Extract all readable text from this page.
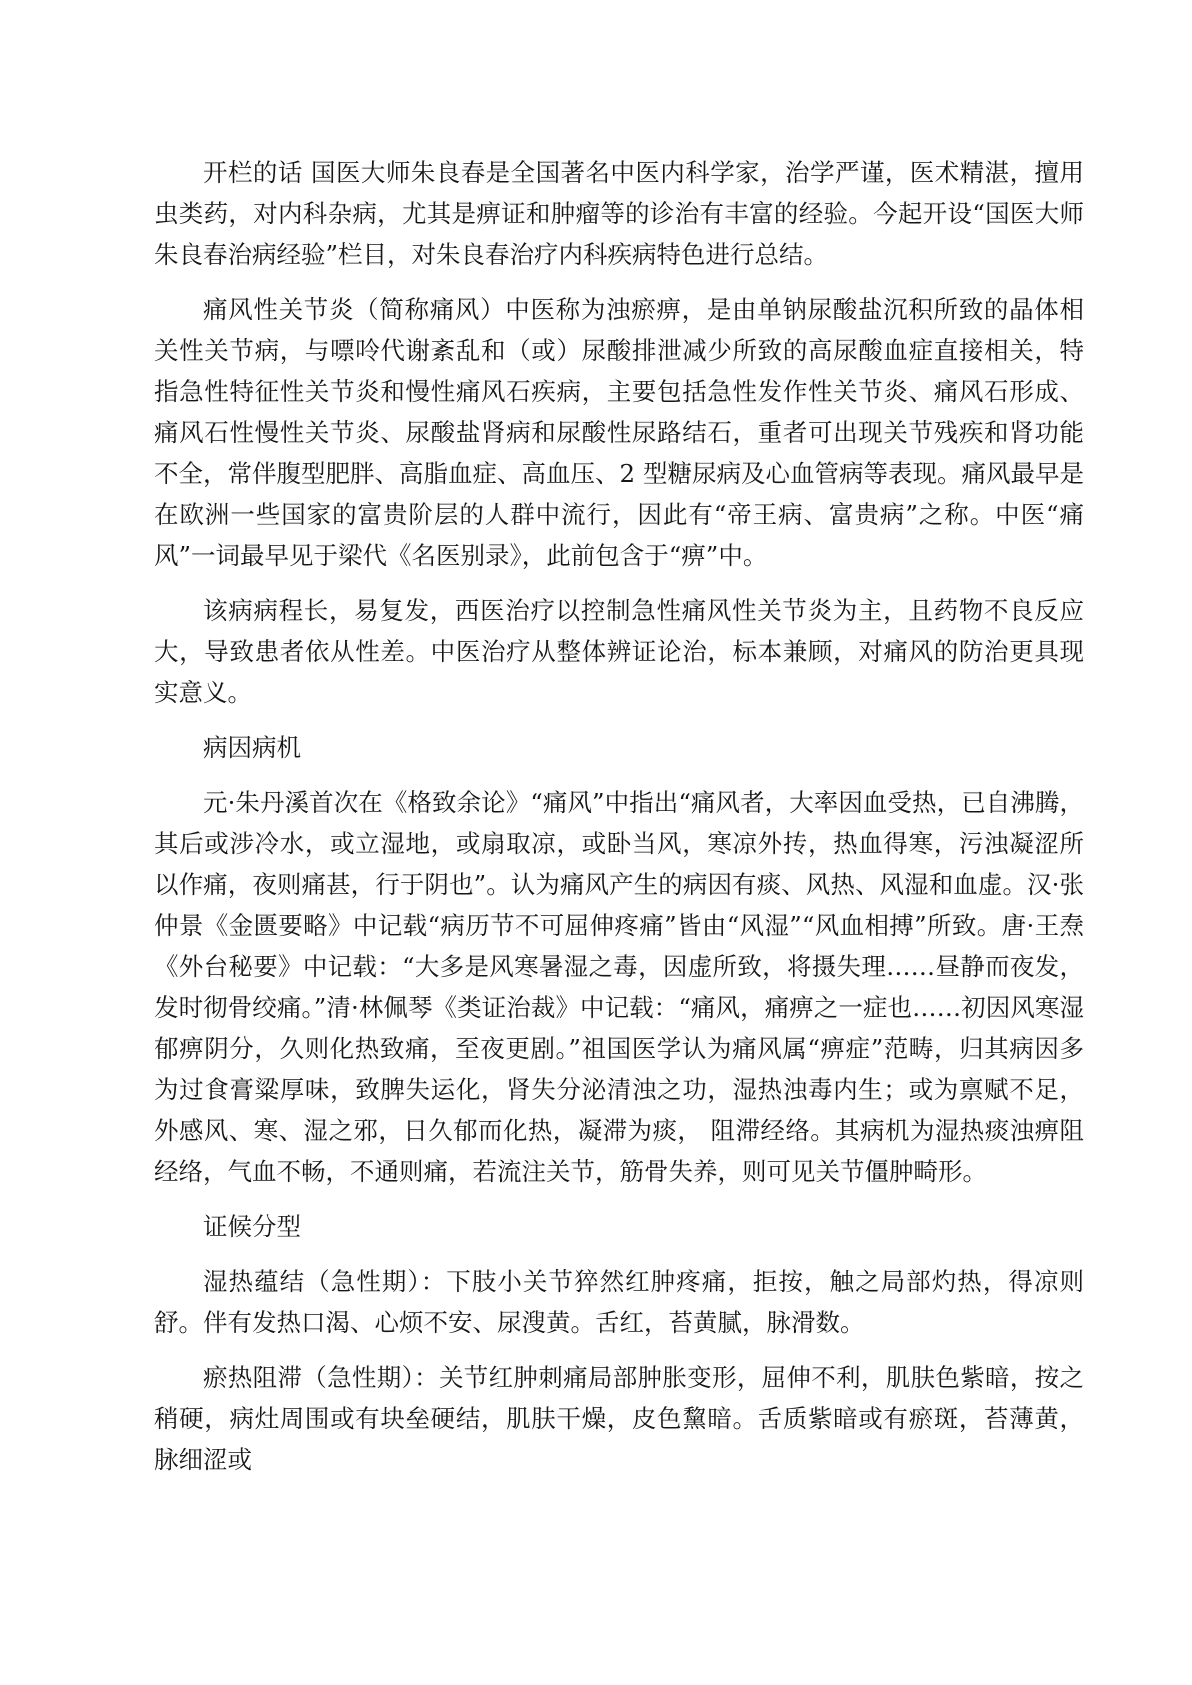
开栏的话 国医大师朱良春是全国著名中医内科学家，治学严谨，医术精湛，擅用虫类药，对内科杂病，尤其是痹证和肿瘤等的诊治有丰富的经验。今起开设“国医大师朱良春治病经验”栏目，对朱良春治疗内科疾病特色进行总结。

痛风性关节炎（简称痛风）中医称为浊瘀痹，是由单钠尿酸盐沉积所致的晶体相关性关节病，与嘌呤代谢紊乱和（或）尿酸排泄减少所致的高尿酸血症直接相关，特指急性特征性关节炎和慢性痛风石疾病，主要包括急性发作性关节炎、痛风石形成、痛风石性慢性关节炎、尿酸盐肾病和尿酸性尿路结石，重者可出现关节残疾和肾功能不全，常伴腹型肥胖、高脂血症、高血压、2 型糖尿病及心血管病等表现。痛风最早是在欧洲一些国家的富贵阶层的人群中流行，因此有“帝王病、富贵病”之称。中医“痛风”一词最早见于梁代《名医别录》，此前包含于“痹”中。

该病病程长，易复发，西医治疗以控制急性痛风性关节炎为主，且药物不良反应大，导致患者依从性差。中医治疗从整体辨证论治，标本兼顾，对痛风的防治更具现实意义。

病因病机

元·朱丹溪首次在《格致余论》“痛风”中指出“痛风者，大率因血受热，已自沸腾，其后或涉冷水，或立湿地，或扇取凉，或卧当风，寒凉外抟，热血得寒，污浊凝涩所以作痛，夜则痛甚，行于阴也”。认为痛风产生的病因有痰、风热、风湿和血虚。汉·张仲景《金匮要略》中记载“病历节不可屈伸疼痛”皆由“风湿”“风血相搏”所致。唐·王焘《外台秘要》中记载：“大多是风寒暑湿之毒，因虚所致，将摄失理……昼静而夜发，发时彻骨绞痛。”清·林佩琴《类证治裁》中记载：“痛风，痛痹之一症也……初因风寒湿郁痹阴分，久则化热致痛，至夜更剧。”祖国医学认为痛风属“痹症”范畴，归其病因多为过食膏粱厚味，致脾失运化，肾失分泌清浊之功，湿热浊毒内生；或为禀赋不足，外感风、寒、湿之邪，日久郁而化热，凝滞为痰， 阻滞经络。其病机为湿热痰浊痹阻经络，气血不畅，不通则痛，若流注关节，筋骨失养，则可见关节僵肿畸形。

证候分型

湿热蕴结（急性期）：下肢小关节猝然红肿疼痛，拒按，触之局部灼热，得凉则舒。伴有发热口渴、心烦不安、尿溲黄。舌红，苔黄腻，脉滑数。

瘀热阻滞（急性期）：关节红肿刺痛局部肿胀变形，屈伸不利，肌肤色紫暗，按之稍硬，病灶周围或有块垒硬结，肌肤干燥，皮色黧暗。舌质紫暗或有瘀斑，苔薄黄，脉细涩或
